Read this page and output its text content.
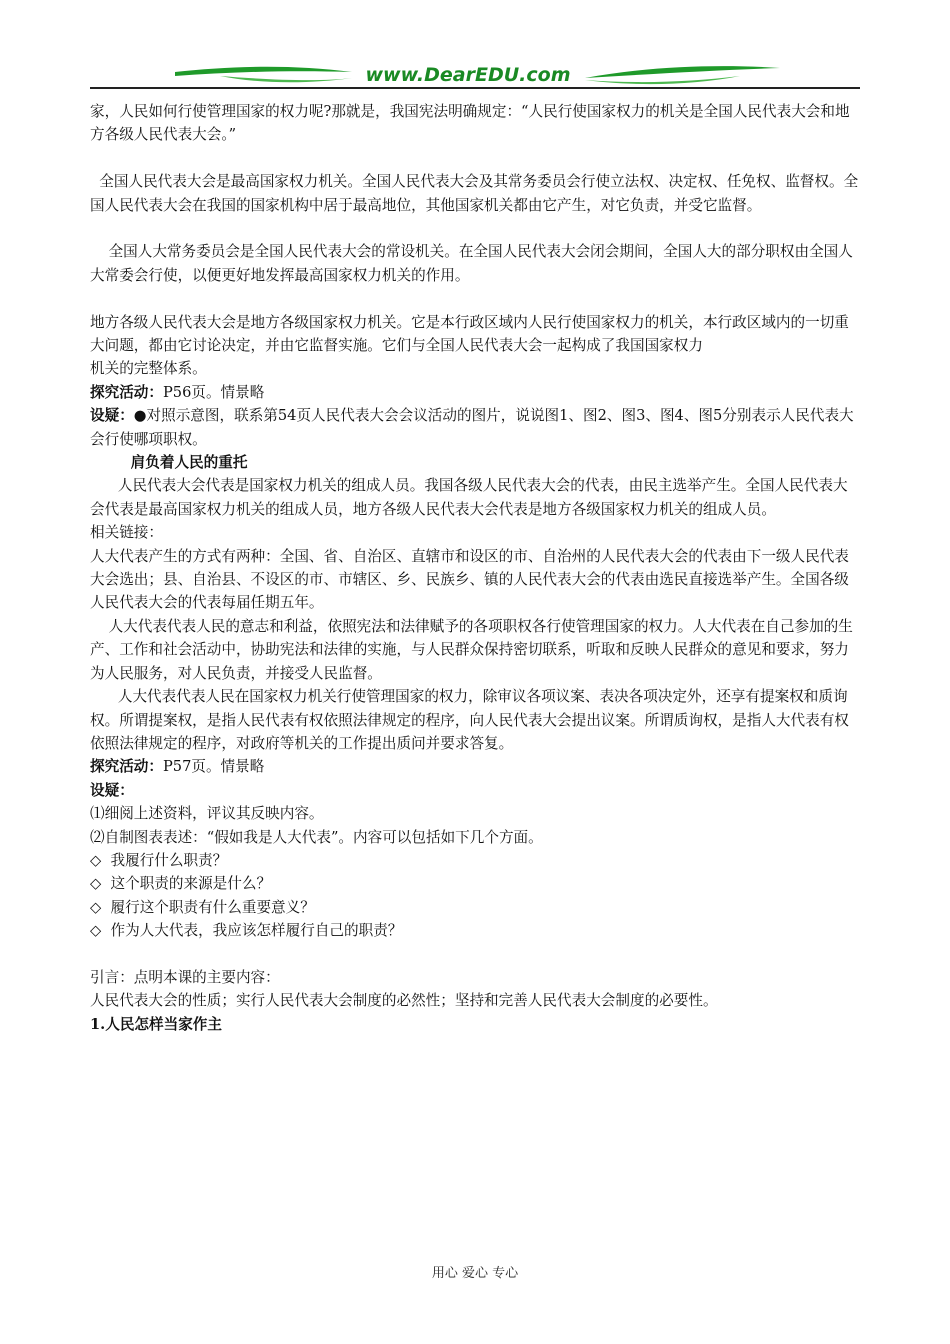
www.DearEDU.com

家，人民如何行使管理国家的权力呢?那就是，我国宪法明确规定：“人民行使国家权力的机关是全国人民代表大会和地方各级人民代表大会。”

全国人民代表大会是最高国家权力机关。全国人民代表大会及其常务委员会行使立法权、决定权、任免权、监督权。全国人民代表大会在我国的国家机构中居于最高地位，其他国家机关都由它产生，对它负责，并受它监督。

全国人大常务委员会是全国人民代表大会的常设机关。在全国人民代表大会闭会期间，全国人大的部分职权由全国人大常委会行使，以便更好地发挥最高国家权力机关的作用。

地方各级人民代表大会是地方各级国家权力机关。它是本行政区域内人民行使国家权力的机关，本行政区域内的一切重大问题，都由它讨论决定，并由它监督实施。它们与全国人民代表大会一起构成了我国国家权力

机关的完整体系。

探究活动：P56页。情景略

设疑：●对照示意图，联系第54页人民代表大会会议活动的图片，说说图1、图2、图3、图4、图5分别表示人民代表大会行使哪项职权。

肩负着人民的重托

人民代表大会代表是国家权力机关的组成人员。我国各级人民代表大会的代表，由民主选举产生。全国人民代表大会代表是最高国家权力机关的组成人员，地方各级人民代表大会代表是地方各级国家权力机关的组成人员。

相关链接：

人大代表产生的方式有两种：全国、省、自治区、直辖市和设区的市、自治州的人民代表大会的代表由下一级人民代表大会选出；县、自治县、不设区的市、市辖区、乡、民族乡、镇的人民代表大会的代表由选民直接选举产生。全国各级人民代表大会的代表每届任期五年。

人大代表代表人民的意志和利益，依照宪法和法律赋予的各项职权各行使管理国家的权力。人大代表在自己参加的生产、工作和社会活动中，协助宪法和法律的实施，与人民群众保持密切联系，听取和反映人民群众的意见和要求，努力为人民服务，对人民负责，并接受人民监督。

人大代表代表人民在国家权力机关行使管理国家的权力，除审议各项议案、表决各项决定外，还享有提案权和质询权。所谓提案权，是指人民代表有权依照法律规定的程序，向人民代表大会提出议案。所谓质询权，是指人大代表有权依照法律规定的程序，对政府等机关的工作提出质问并要求答复。

探究活动：P57页。情景略

设疑：

⑴细阅上述资料，评议其反映内容。

⑵自制图表表述：“假如我是人大代表”。内容可以包括如下几个方面。

◇  我履行什么职责？

◇  这个职责的来源是什么？

◇  履行这个职责有什么重要意义？

◇  作为人大代表，我应该怎样履行自己的职责？

引言：点明本课的主要内容：

人民代表大会的性质；实行人民代表大会制度的必然性；坚持和完善人民代表大会制度的必要性。

1.人民怎样当家作主

用心 爱心 专心
